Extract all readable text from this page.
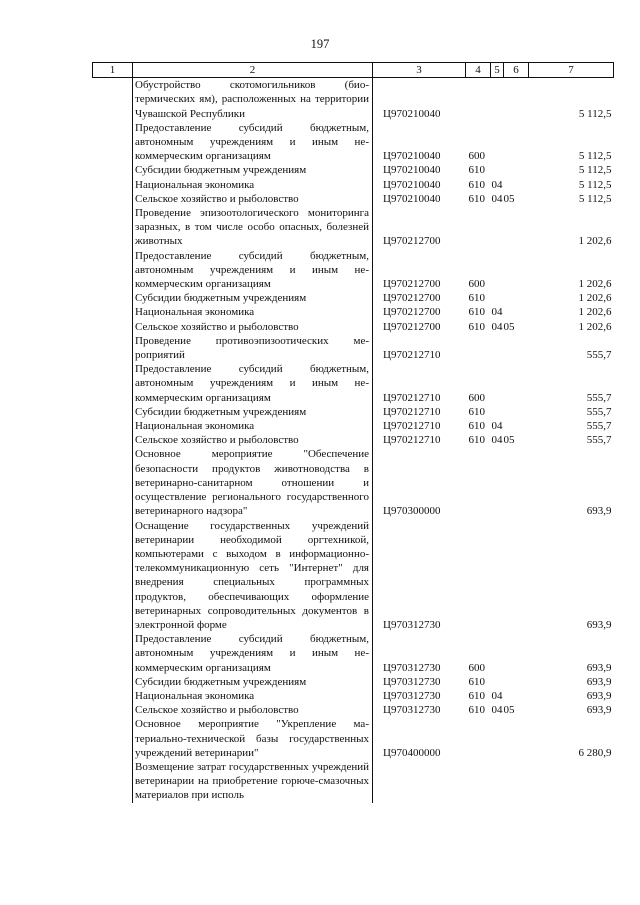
197
1	2	3	4	5	6	7
	Обустройство скотомогильников (биотермических ям), расположенных на территории Чувашской Республики	Ц970210040				5 112,5
	Предоставление субсидий бюджетным, автономным учреждениям и иным некоммерческим организациям	Ц970210040	600			5 112,5
	Субсидии бюджетным учреждениям	Ц970210040	610			5 112,5
	Национальная экономика	Ц970210040	610	04		5 112,5
	Сельское хозяйство и рыболовство	Ц970210040	610	04	05	5 112,5
	Проведение эпизоотологического мониторинга заразных, в том числе особо опасных, болезней животных	Ц970212700				1 202,6
	Предоставление субсидий бюджетным, автономным учреждениям и иным некоммерческим организациям	Ц970212700	600			1 202,6
	Субсидии бюджетным учреждениям	Ц970212700	610			1 202,6
	Национальная экономика	Ц970212700	610	04		1 202,6
	Сельское хозяйство и рыболовство	Ц970212700	610	04	05	1 202,6
	Проведение противоэпизоотических мероприятий	Ц970212710				555,7
	Предоставление субсидий бюджетным, автономным учреждениям и иным некоммерческим организациям	Ц970212710	600			555,7
	Субсидии бюджетным учреждениям	Ц970212710	610			555,7
	Национальная экономика	Ц970212710	610	04		555,7
	Сельское хозяйство и рыболовство	Ц970212710	610	04	05	555,7
	Основное мероприятие "Обеспечение безопасности продуктов животноводства в ветеринарно-санитарном отношении и осуществление регионального государственного ветеринарного надзора"	Ц970300000				693,9
	Оснащение государственных учреждений ветеринарии необходимой оргтехникой, компьютерами с выходом в информационно-телекоммуникационную сеть "Интернет" для внедрения специальных программных продуктов, обеспечивающих оформление ветеринарных сопроводительных документов в электронной форме	Ц970312730				693,9
	Предоставление субсидий бюджетным, автономным учреждениям и иным некоммерческим организациям	Ц970312730	600			693,9
	Субсидии бюджетным учреждениям	Ц970312730	610			693,9
	Национальная экономика	Ц970312730	610	04		693,9
	Сельское хозяйство и рыболовство	Ц970312730	610	04	05	693,9
	Основное мероприятие "Укрепление материально-технической базы государственных учреждений ветеринарии"	Ц970400000				6 280,9
	Возмещение затрат государственных учреждений ветеринарии на приобретение горюче-смазочных материалов при исполь					
